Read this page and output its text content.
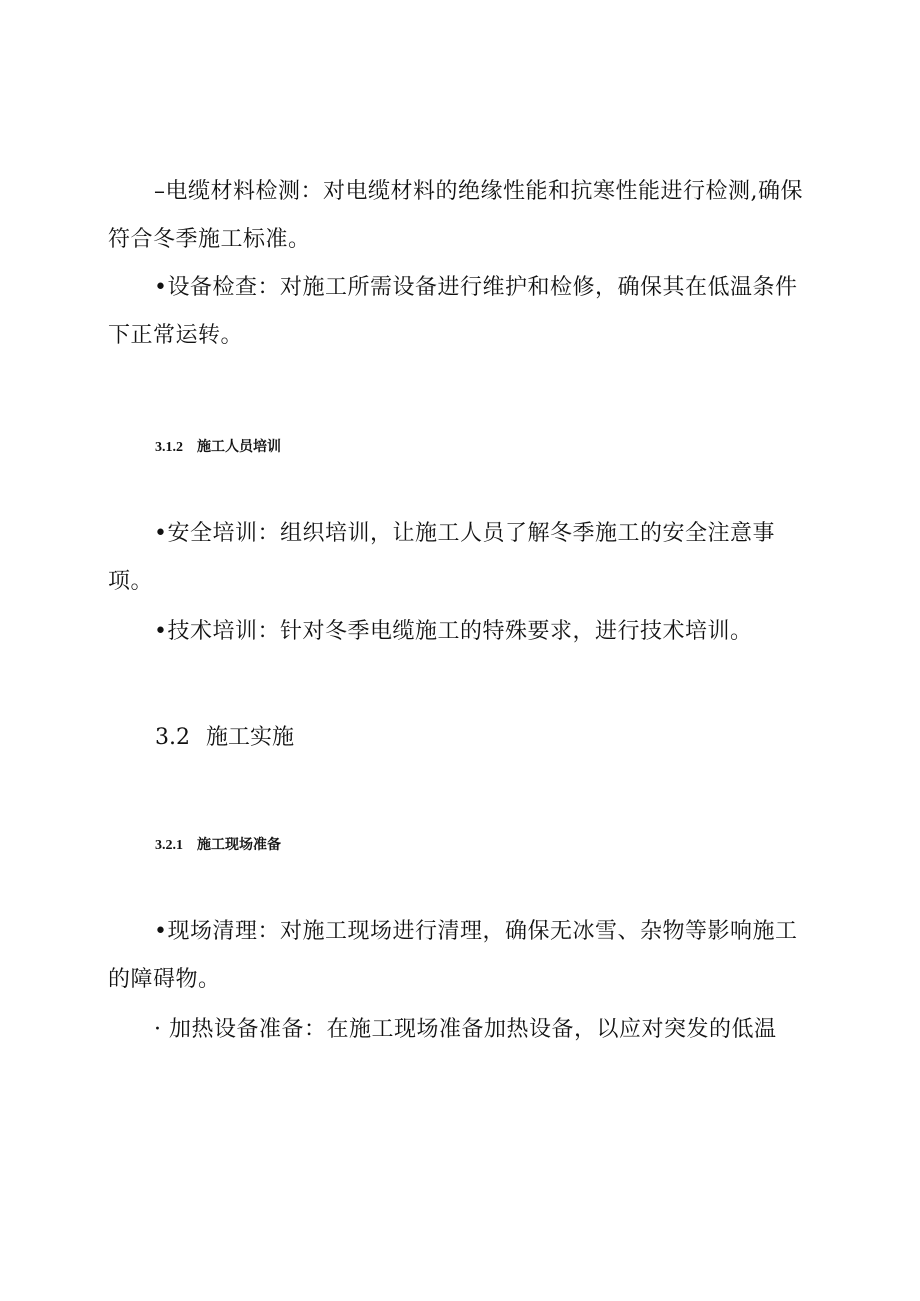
–电缆材料检测：对电缆材料的绝缘性能和抗寒性能进行检测,确保符合冬季施工标准。

•设备检查：对施工所需设备进行维护和检修，确保其在低温条件下正常运转。

3.1.2 施工人员培训

•安全培训：组织培训，让施工人员了解冬季施工的安全注意事项。

•技术培训：针对冬季电缆施工的特殊要求，进行技术培训。

3.2 施工实施
3.2.1 施工现场准备

•现场清理：对施工现场进行清理，确保无冰雪、杂物等影响施工的障碍物。

· 加热设备准备：在施工现场准备加热设备，以应对突发的低温
